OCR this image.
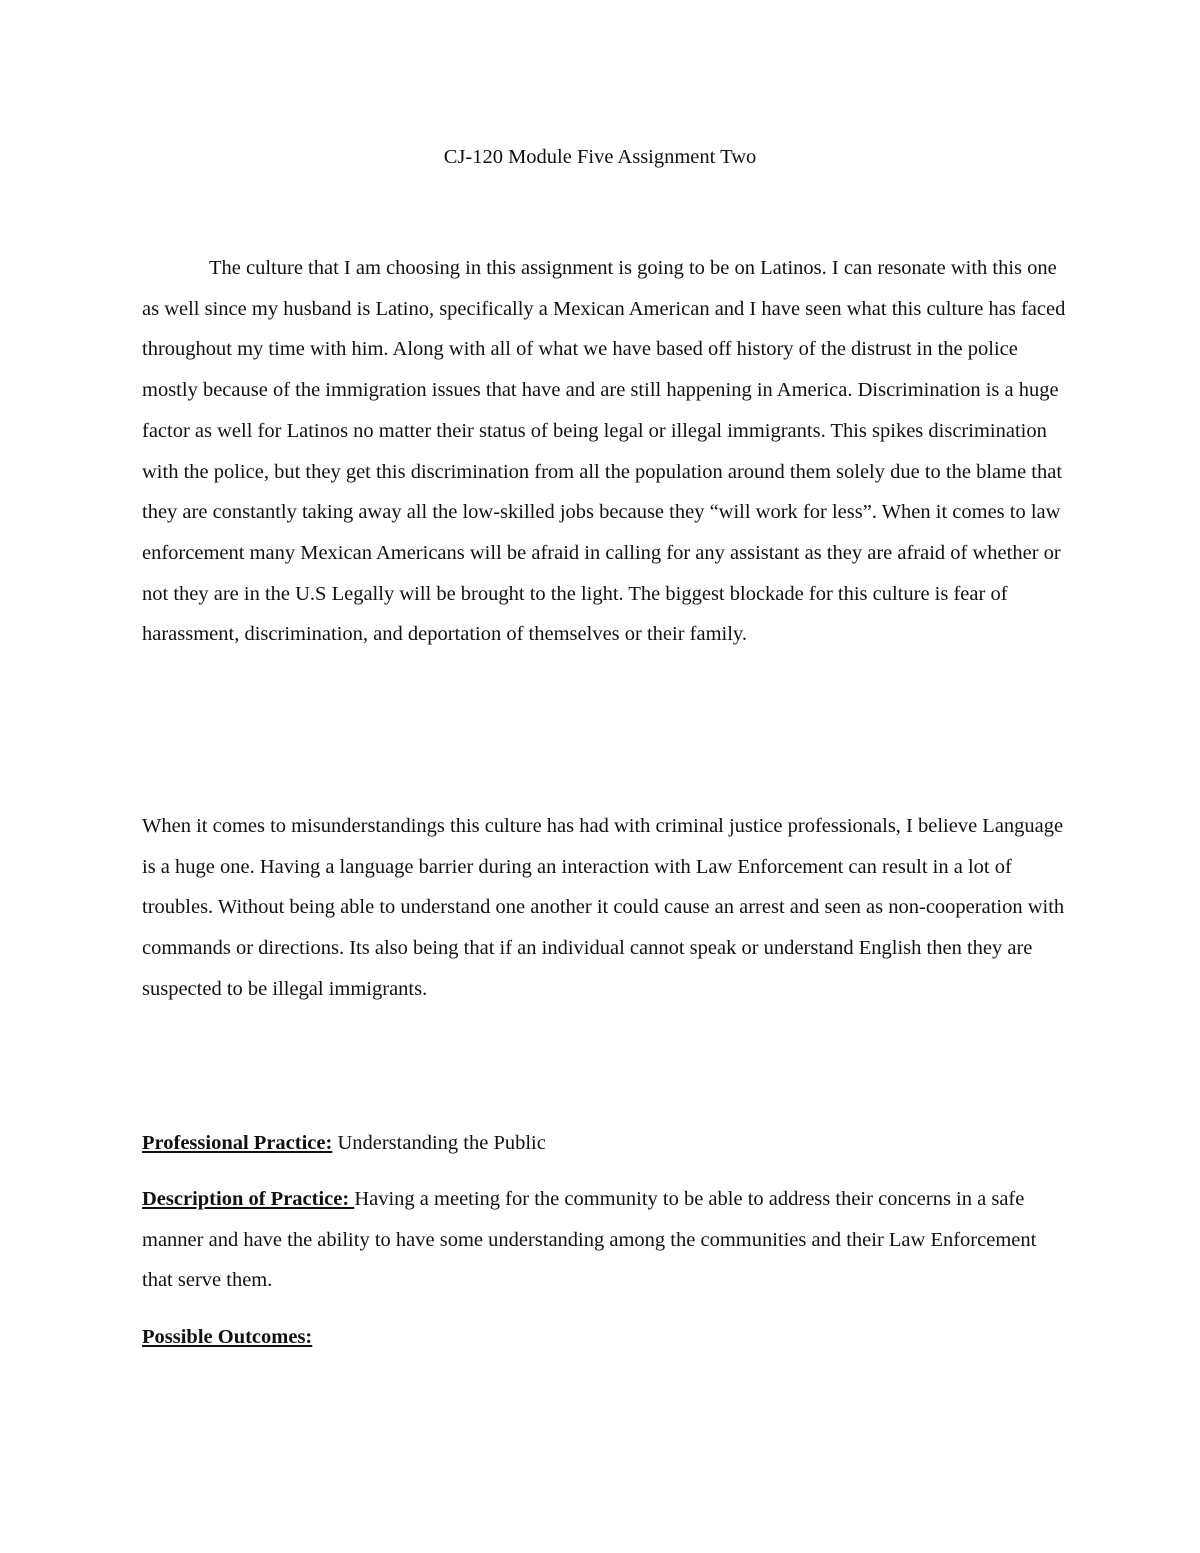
CJ-120 Module Five Assignment Two

The culture that I am choosing in this assignment is going to be on Latinos. I can resonate with this one as well since my husband is Latino, specifically a Mexican American and I have seen what this culture has faced throughout my time with him. Along with all of what we have based off history of the distrust in the police mostly because of the immigration issues that have and are still happening in America. Discrimination is a huge factor as well for Latinos no matter their status of being legal or illegal immigrants. This spikes discrimination with the police, but they get this discrimination from all the population around them solely due to the blame that they are constantly taking away all the low-skilled jobs because they “will work for less”. When it comes to law enforcement many Mexican Americans will be afraid in calling for any assistant as they are afraid of whether or not they are in the U.S Legally will be brought to the light. The biggest blockade for this culture is fear of harassment, discrimination, and deportation of themselves or their family.

When it comes to misunderstandings this culture has had with criminal justice professionals, I believe Language is a huge one. Having a language barrier during an interaction with Law Enforcement can result in a lot of troubles. Without being able to understand one another it could cause an arrest and seen as non-cooperation with commands or directions. Its also being that if an individual cannot speak or understand English then they are suspected to be illegal immigrants.

Professional Practice: Understanding the Public

Description of Practice: Having a meeting for the community to be able to address their concerns in a safe manner and have the ability to have some understanding among the communities and their Law Enforcement that serve them.

Possible Outcomes:
